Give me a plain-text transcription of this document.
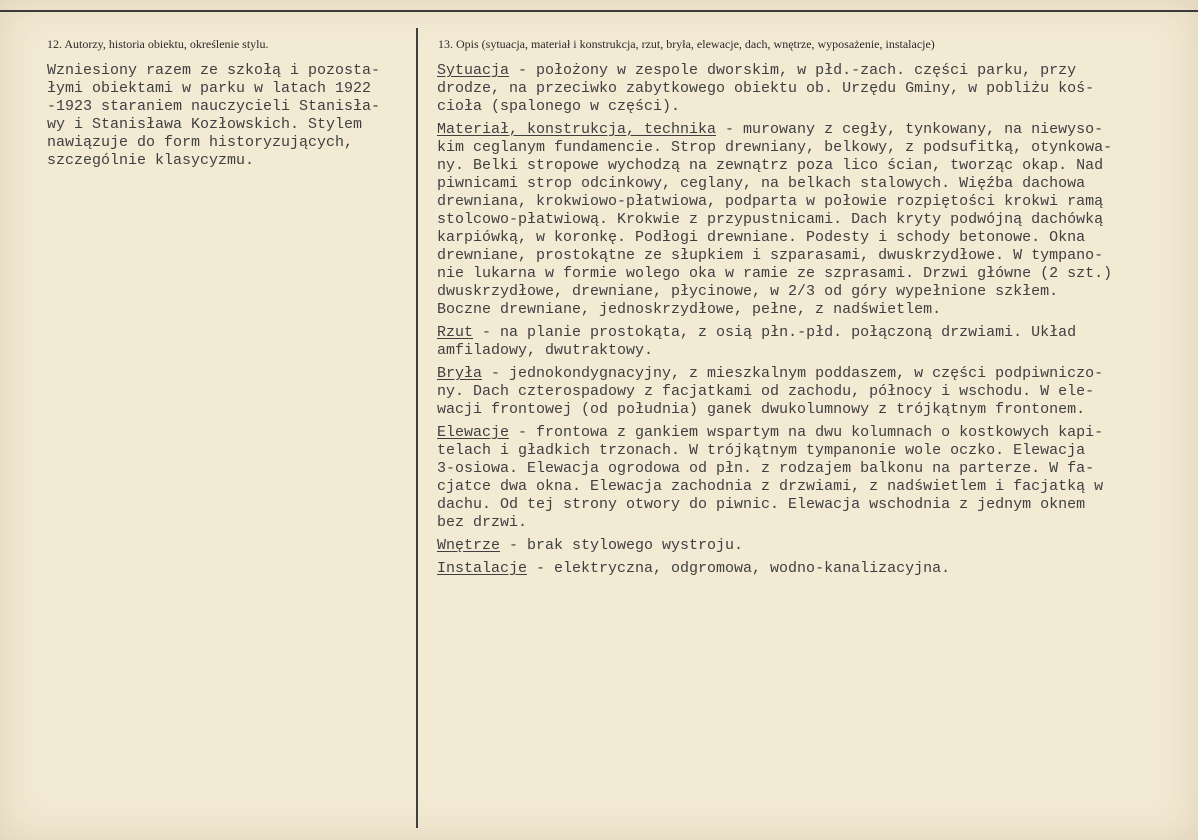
12. Autorzy, historia obiektu, określenie stylu.	13. Opis (sytuacja, materiał i konstrukcja, rzut, bryła, elewacje, dach, wnętrze, wyposażenie, instalacje)
Wzniesiony razem ze szkołą i pozosta-
łymi obiektami w parku w latach 1922
-1923 staraniem nauczycieli Stanisła-
wy i Stanisława Kozłowskich. Stylem
nawiązuje do form historyzujących,
szczególnie klasycyzmu.
Sytuacja - położony w zespole dworskim, w płd.-zach. części parku, przy
drodze, na przeciwko zabytkowego obiektu ob. Urzędu Gminy, w pobliżu koś-
cioła (spalonego w części).
Materiał, konstrukcja, technika - murowany z cegły, tynkowany, na niewyso-
kim ceglanym fundamencie. Strop drewniany, belkowy, z podsufitką, otynkowa-
ny. Belki stropowe wychodzą na zewnątrz poza lico ścian, tworząc okap. Nad
piwnicami strop odcinkowy, ceglany, na belkach stalowych. Więźba dachowa
drewniana, krokwiowo-płatwiowa, podparta w połowie rozpiętości krokwi ramą
stolcowo-płatwiową. Krokwie z przypustnicami. Dach kryty podwójną dachówką
karpiówką, w koronkę. Podłogi drewniane. Podesty i schody betonowe. Okna
drewniane, prostokątne ze słupkiem i szparasami, dwuskrzydłowe. W tympano-
nie lukarna w formie wolego oka w ramie ze szprasami. Drzwi główne (2 szt.)
dwuskrzydłowe, drewniane, płycinowe, w 2/3 od góry wypełnione szkłem.
Boczne drewniane, jednoskrzydłowe, pełne, z nadświetlem.
Rzut - na planie prostokąta, z osią płn.-płd. połączoną drzwiami. Układ
amfiladowy, dwutraktowy.
Bryła - jednokondygnacyjny, z mieszkalnym poddaszem, w części podpiwniczo-
ny. Dach czterospadowy z facjatkami od zachodu, północy i wschodu. W ele-
wacji frontowej (od południa) ganek dwukolumnowy z trójkątnym frontonem.
Elewacje - frontowa z gankiem wspartym na dwu kolumnach o kostkowych kapi-
telach i gładkich trzonach. W trójkątnym tympanonie wole oczko. Elewacja
3-osiowa. Elewacja ogrodowa od płn. z rodzajem balkonu na parterze. W fa-
cjatce dwa okna. Elewacja zachodnia z drzwiami, z nadświetlem i facjatką w
dachu. Od tej strony otwory do piwnic. Elewacja wschodnia z jednym oknem
bez drzwi.
Wnętrze - brak stylowego wystroju.
Instalacje - elektryczna, odgromowa, wodno-kanalizacyjna.
